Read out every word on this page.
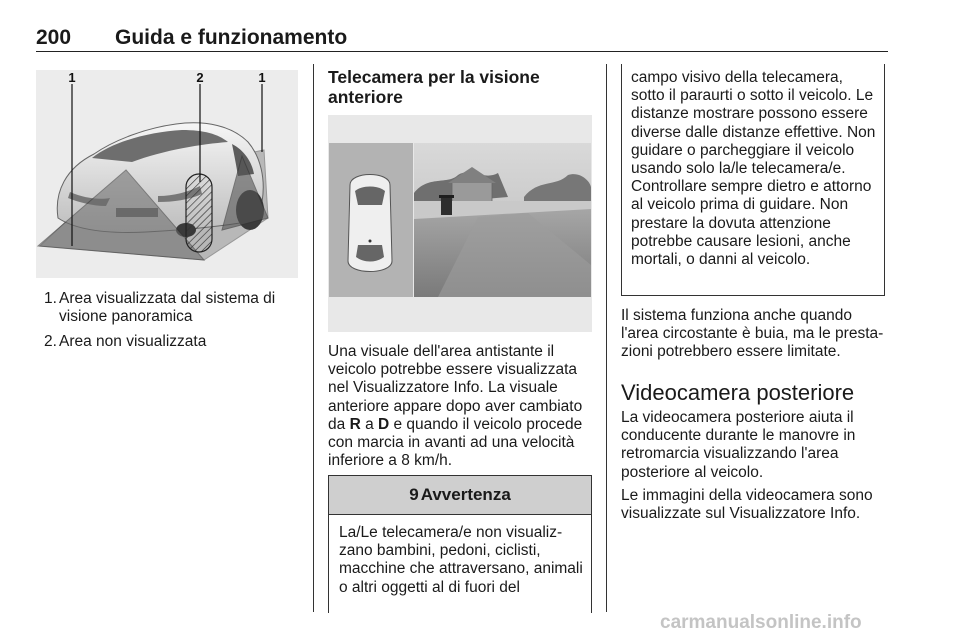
200 Guida e funzionamento
1	2	1
1. Area visualizzata dal sistema di visione panoramica
2. Area non visualizzata
Telecamera per la visione anteriore
Una visuale dell'area antistante il veicolo potrebbe essere visualizzata nel Visualizzatore Info. La visuale anteriore appare dopo aver cambiato da R a D e quando il veicolo procede con marcia in avanti ad una velocità inferiore a 8 km/h.
9 Avvertenza
La/Le telecamera/e non visualizzano bambini, pedoni, ciclisti, macchine che attraversano, animali o altri oggetti al di fuori del
campo visivo della telecamera, sotto il paraurti o sotto il veicolo. Le distanze mostrare possono essere diverse dalle distanze effettive. Non guidare o parcheggiare il veicolo usando solo la/le telecamera/e. Controllare sempre dietro e attorno al veicolo prima di guidare. Non prestare la dovuta attenzione potrebbe causare lesioni, anche mortali, o danni al veicolo.
Il sistema funziona anche quando l'area circostante è buia, ma le prestazioni potrebbero essere limitate.
Videocamera posteriore
La videocamera posteriore aiuta il conducente durante le manovre in retromarcia visualizzando l'area posteriore al veicolo.
Le immagini della videocamera sono visualizzate sul Visualizzatore Info.
carmanualsonline.info
